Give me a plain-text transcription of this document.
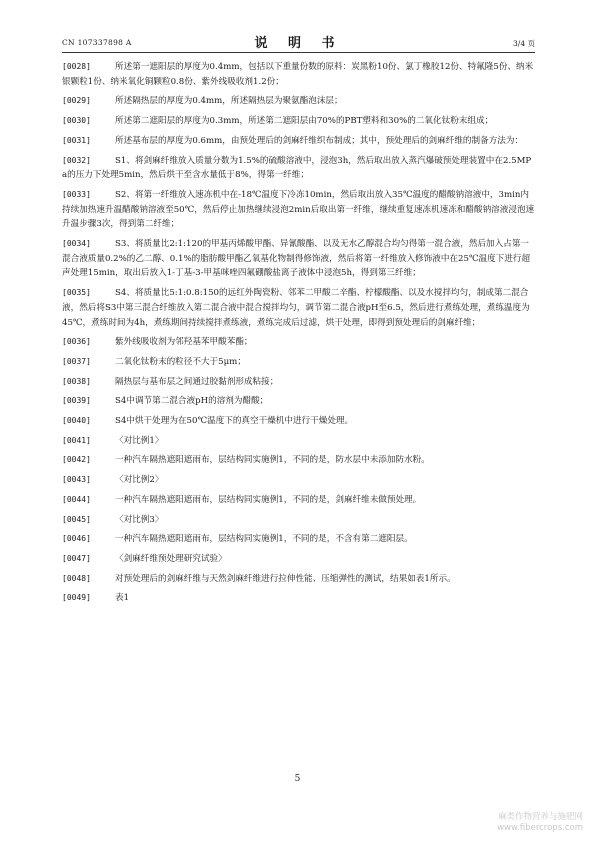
CN 107337898 A	说 明 书	3/4 页
[0028]	所述第一遮阳层的厚度为0.4mm，包括以下重量份数的原料：炭黑粉10份、氯丁橡胶12份、特氟隆5份、纳米银颗粒1份、纳米氧化铜颗粒0.8份、紫外线吸收剂1.2份；
[0029]	所述隔热层的厚度为0.4mm，所述隔热层为聚氨酯泡沫层；
[0030]	所述第二遮阳层的厚度为0.3mm，所述第二遮阳层由70%的PBT塑料和30%的二氧化钛粉末组成；
[0031]	所述基布层的厚度为0.6mm，由预处理后的剑麻纤维织布制成；其中，预处理后的剑麻纤维的制备方法为：
[0032]	S1、将剑麻纤维放入质量分数为1.5%的硫酸溶液中，浸泡3h，然后取出放入蒸汽爆破预处理装置中在2.5MPa的压力下处理5min，然后烘干至含水量低于8%，得第一纤维；
[0033]	S2、将第一纤维放入速冻机中在-18℃温度下冷冻10min，然后取出放入35℃温度的醋酸钠溶液中，3min内持续加热速升温醋酸钠溶液至50℃，然后停止加热继续浸泡2min后取出第一纤维，继续重复速冻机速冻和醋酸钠溶液浸泡速升温步骤3次，得到第二纤维；
[0034]	S3、将质量比2:1:120的甲基丙烯酸甲酯、异氰酸酯、以及无水乙醇混合均匀得第一混合液，然后加入占第一混合液质量0.2%的乙二醇、0.1%的脂肪酸甲酯乙氧基化物制得修饰液，然后将第一纤维放入修饰液中在25℃温度下进行超声处理15min，取出后放入1-丁基-3-甲基咪唑四氟硼酸盐离子液体中浸泡5h，得到第三纤维；
[0035]	S4、将质量比5:1:0.8:150的远红外陶瓷粉、邻苯二甲酸二辛酯、柠檬酸酯、以及水搅拌均匀，制成第二混合液，然后将S3中第三混合纤维放入第二混合液中混合搅拌均匀，调节第二混合液pH至6.5，然后进行煮练处理，煮练温度为45℃，煮练时间为4h，煮练期间持续搅拌煮练液，煮练完成后过滤，烘干处理，即得到预处理后的剑麻纤维；
[0036]	紫外线吸收剂为邻羟基苯甲酸苯酯；
[0037]	二氧化钛粉末的粒径不大于5μm；
[0038]	隔热层与基布层之间通过胶黏剂形成粘接；
[0039]	S4中调节第二混合液pH的溶剂为醋酸；
[0040]	S4中烘干处理为在50℃温度下的真空干燥机中进行干燥处理。
[0041]	〈对比例1〉
[0042]	一种汽车隔热遮阳遮雨布，层结构同实施例1，不同的是，防水层中未添加防水粉。
[0043]	〈对比例2〉
[0044]	一种汽车隔热遮阳遮雨布，层结构同实施例1，不同的是，剑麻纤维未做预处理。
[0045]	〈对比例3〉
[0046]	一种汽车隔热遮阳遮雨布，层结构同实施例1，不同的是，不含有第二遮阳层。
[0047]	〈剑麻纤维预处理研究试验〉
[0048]	对预处理后的剑麻纤维与天然剑麻纤维进行拉伸性能、压缩弹性的测试，结果如表1所示。
[0049]	表1
5
麻类作物营养与施肥网
www.fibercrops.com
